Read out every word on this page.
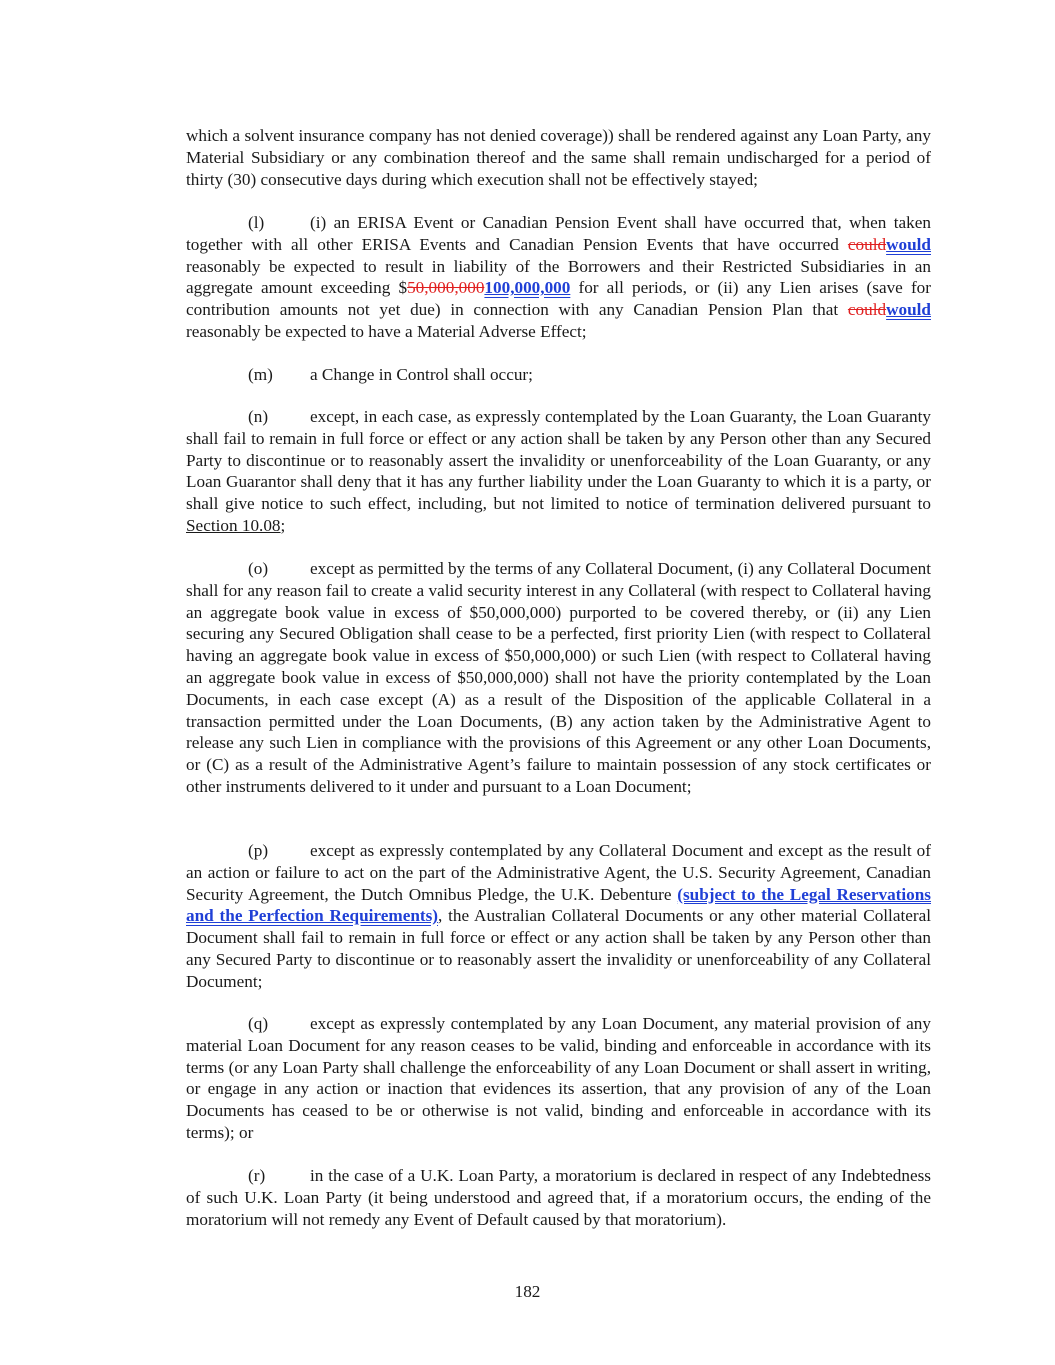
which a solvent insurance company has not denied coverage)) shall be rendered against any Loan Party, any Material Subsidiary or any combination thereof and the same shall remain undischarged for a period of thirty (30) consecutive days during which execution shall not be effectively stayed;

(l)	(i) an ERISA Event or Canadian Pension Event shall have occurred that, when taken together with all other ERISA Events and Canadian Pension Events that have occurred couldwould reasonably be expected to result in liability of the Borrowers and their Restricted Subsidiaries in an aggregate amount exceeding $50,000,000100,000,000 for all periods, or (ii) any Lien arises (save for contribution amounts not yet due) in connection with any Canadian Pension Plan that couldwould reasonably be expected to have a Material Adverse Effect;

(m) a Change in Control shall occur;

(n) except, in each case, as expressly contemplated by the Loan Guaranty, the Loan Guaranty shall fail to remain in full force or effect or any action shall be taken by any Person other than any Secured Party to discontinue or to reasonably assert the invalidity or unenforceability of the Loan Guaranty, or any Loan Guarantor shall deny that it has any further liability under the Loan Guaranty to which it is a party, or shall give notice to such effect, including, but not limited to notice of termination delivered pursuant to Section 10.08;

(o) except as permitted by the terms of any Collateral Document, (i) any Collateral Document shall for any reason fail to create a valid security interest in any Collateral (with respect to Collateral having an aggregate book value in excess of $50,000,000) purported to be covered thereby, or (ii) any Lien securing any Secured Obligation shall cease to be a perfected, first priority Lien (with respect to Collateral having an aggregate book value in excess of $50,000,000) or such Lien (with respect to Collateral having an aggregate book value in excess of $50,000,000) shall not have the priority contemplated by the Loan Documents, in each case except (A) as a result of the Disposition of the applicable Collateral in a transaction permitted under the Loan Documents, (B) any action taken by the Administrative Agent to release any such Lien in compliance with the provisions of this Agreement or any other Loan Documents, or (C) as a result of the Administrative Agent’s failure to maintain possession of any stock certificates or other instruments delivered to it under and pursuant to a Loan Document;

(p) except as expressly contemplated by any Collateral Document and except as the result of an action or failure to act on the part of the Administrative Agent, the U.S. Security Agreement, Canadian Security Agreement, the Dutch Omnibus Pledge, the U.K. Debenture (subject to the Legal Reservations and the Perfection Requirements), the Australian Collateral Documents or any other material Collateral Document shall fail to remain in full force or effect or any action shall be taken by any Person other than any Secured Party to discontinue or to reasonably assert the invalidity or unenforceability of any Collateral Document;

(q) except as expressly contemplated by any Loan Document, any material provision of any material Loan Document for any reason ceases to be valid, binding and enforceable in accordance with its terms (or any Loan Party shall challenge the enforceability of any Loan Document or shall assert in writing, or engage in any action or inaction that evidences its assertion, that any provision of any of the Loan Documents has ceased to be or otherwise is not valid, binding and enforceable in accordance with its terms); or

(r)	in the case of a U.K. Loan Party, a moratorium is declared in respect of any Indebtedness of such U.K. Loan Party (it being understood and agreed that, if a moratorium occurs, the ending of the moratorium will not remedy any Event of Default caused by that moratorium).

182
